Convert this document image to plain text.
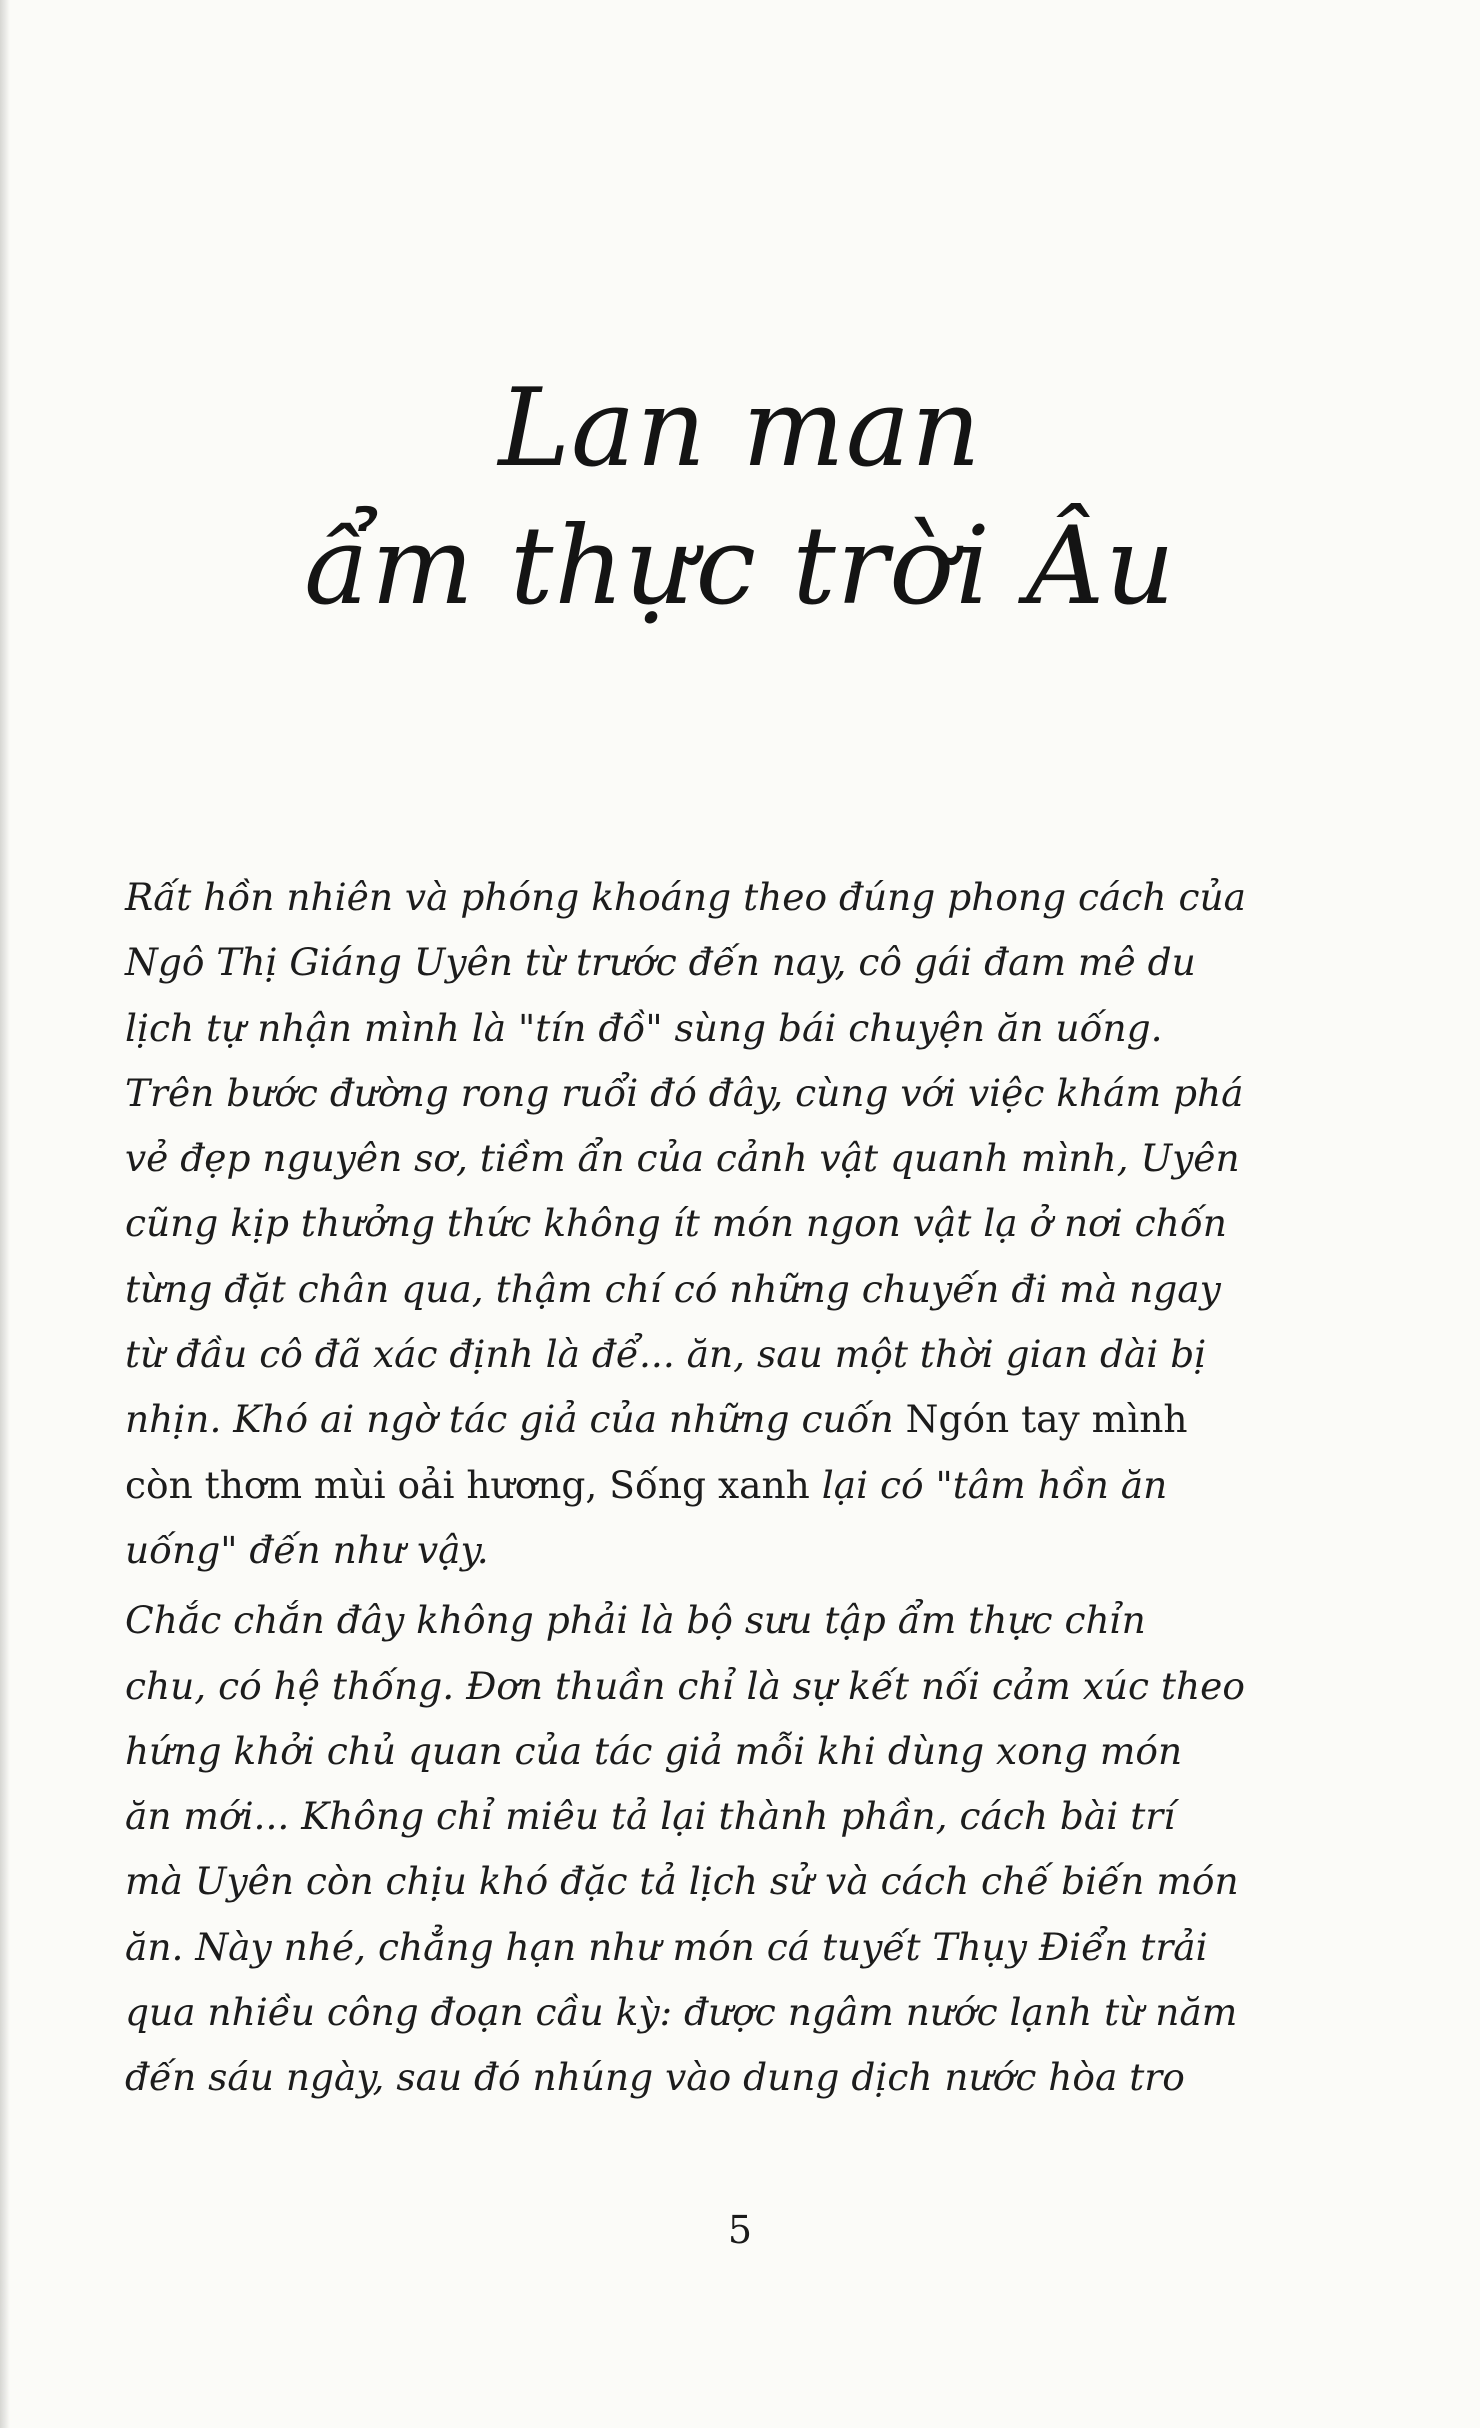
Lan man
ẩm thực trời Âu
Rất hồn nhiên và phóng khoáng theo đúng phong cách của
Ngô Thị Giáng Uyên từ trước đến nay, cô gái đam mê du
lịch tự nhận mình là "tín đồ" sùng bái chuyện ăn uống.
Trên bước đường rong ruổi đó đây, cùng với việc khám phá
vẻ đẹp nguyên sơ, tiềm ẩn của cảnh vật quanh mình, Uyên
cũng kịp thưởng thức không ít món ngon vật lạ ở nơi chốn
từng đặt chân qua, thậm chí có những chuyến đi mà ngay
từ đầu cô đã xác định là để... ăn, sau một thời gian dài bị
nhịn. Khó ai ngờ tác giả của những cuốn Ngón tay mình
còn thơm mùi oải hương, Sống xanh lại có "tâm hồn ăn
uống" đến như vậy.
Chắc chắn đây không phải là bộ sưu tập ẩm thực chỉn
chu, có hệ thống. Đơn thuần chỉ là sự kết nối cảm xúc theo
hứng khởi chủ quan của tác giả mỗi khi dùng xong món
ăn mới... Không chỉ miêu tả lại thành phần, cách bài trí
mà Uyên còn chịu khó đặc tả lịch sử và cách chế biến món
ăn. Này nhé, chẳng hạn như món cá tuyết Thụy Điển trải
qua nhiều công đoạn cầu kỳ: được ngâm nước lạnh từ năm
đến sáu ngày, sau đó nhúng vào dung dịch nước hòa tro
5
